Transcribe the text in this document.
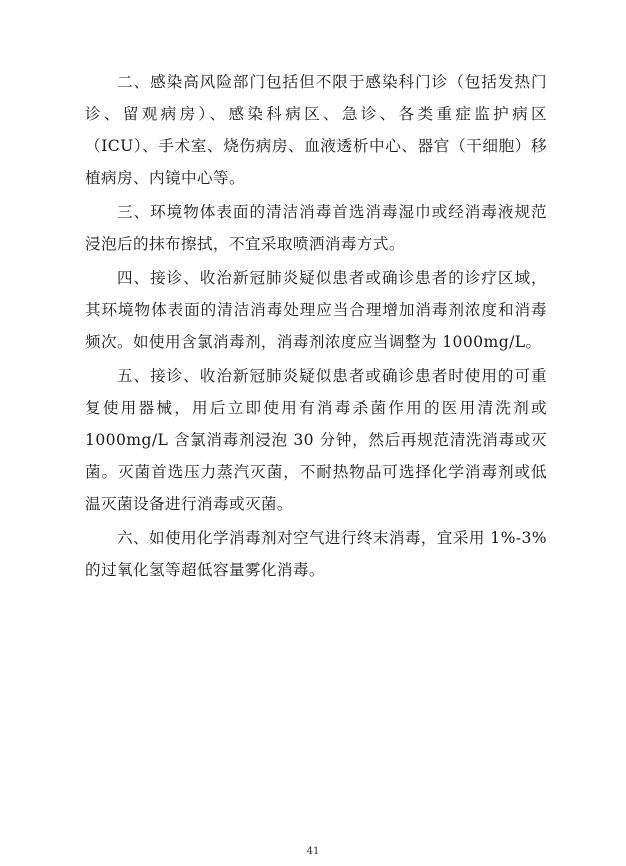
二、感染高风险部门包括但不限于感染科门诊（包括发热门诊、留观病房）、感染科病区、急诊、各类重症监护病区（ICU）、手术室、烧伤病房、血液透析中心、器官（干细胞）移植病房、内镜中心等。

三、环境物体表面的清洁消毒首选消毒湿巾或经消毒液规范浸泡后的抹布擦拭，不宜采取喷洒消毒方式。

四、接诊、收治新冠肺炎疑似患者或确诊患者的诊疗区域，其环境物体表面的清洁消毒处理应当合理增加消毒剂浓度和消毒频次。如使用含氯消毒剂，消毒剂浓度应当调整为 1000mg/L。

五、接诊、收治新冠肺炎疑似患者或确诊患者时使用的可重复使用器械，用后立即使用有消毒杀菌作用的医用清洗剂或 1000mg/L 含氯消毒剂浸泡 30 分钟，然后再规范清洗消毒或灭菌。灭菌首选压力蒸汽灭菌，不耐热物品可选择化学消毒剂或低温灭菌设备进行消毒或灭菌。

六、如使用化学消毒剂对空气进行终末消毒，宜采用 1%-3% 的过氧化氢等超低容量雾化消毒。

41
